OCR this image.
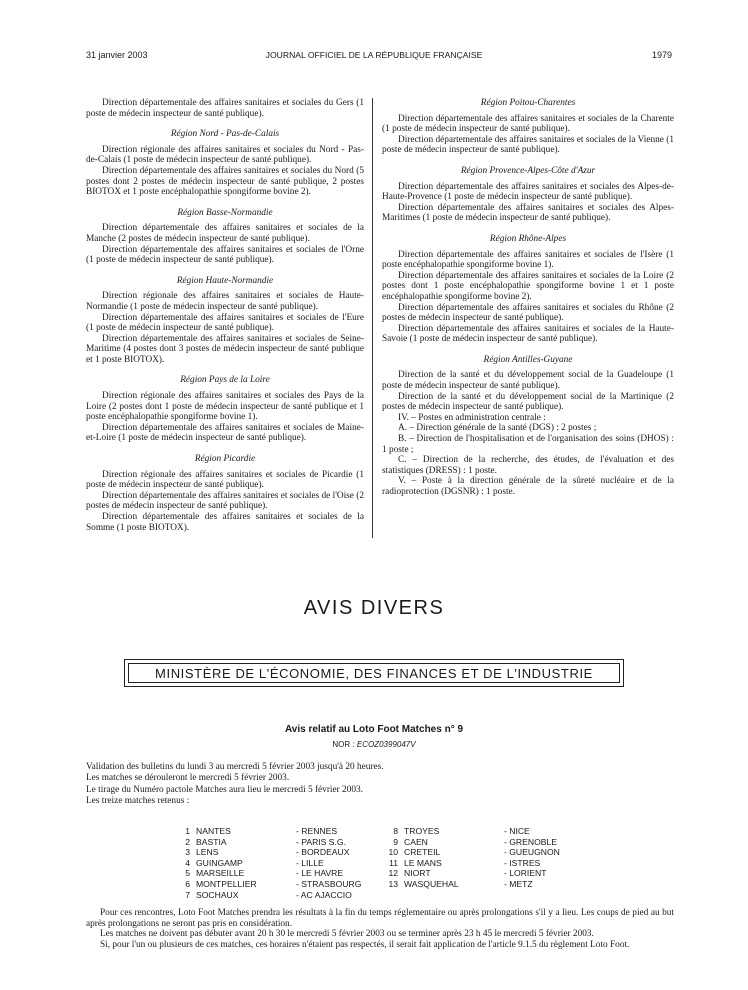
31 janvier 2003	JOURNAL OFFICIEL DE LA RÉPUBLIQUE FRANÇAISE	1979

Direction départementale des affaires sanitaires et sociales du Gers (1 poste de médecin inspecteur de santé publique).

Région Nord - Pas-de-Calais

Direction régionale des affaires sanitaires et sociales du Nord - Pas-de-Calais (1 poste de médecin inspecteur de santé publique).

Direction départementale des affaires sanitaires et sociales du Nord (5 postes dont 2 postes de médecin inspecteur de santé publique, 2 postes BIOTOX et 1 poste encéphalopathie spongiforme bovine 2).

Région Basse-Normandie

Direction départementale des affaires sanitaires et sociales de la Manche (2 postes de médecin inspecteur de santé publique).

Direction départementale des affaires sanitaires et sociales de l'Orne (1 poste de médecin inspecteur de santé publique).

Région Haute-Normandie

Direction régionale des affaires sanitaires et sociales de Haute-Normandie (1 poste de médecin inspecteur de santé publique).

Direction départementale des affaires sanitaires et sociales de l'Eure (1 poste de médecin inspecteur de santé publique).

Direction départementale des affaires sanitaires et sociales de Seine-Maritime (4 postes dont 3 postes de médecin inspecteur de santé publique et 1 poste BIOTOX).

Région Pays de la Loire

Direction régionale des affaires sanitaires et sociales des Pays de la Loire (2 postes dont 1 poste de médecin inspecteur de santé publique et 1 poste encéphalopathie spongiforme bovine 1).

Direction départementale des affaires sanitaires et sociales de Maine-et-Loire (1 poste de médecin inspecteur de santé publique).

Région Picardie

Direction régionale des affaires sanitaires et sociales de Picardie (1 poste de médecin inspecteur de santé publique).

Direction départementale des affaires sanitaires et sociales de l'Oise (2 postes de médecin inspecteur de santé publique).

Direction départementale des affaires sanitaires et sociales de la Somme (1 poste BIOTOX).

Région Poitou-Charentes

Direction départementale des affaires sanitaires et sociales de la Charente (1 poste de médecin inspecteur de santé publique).

Direction départementale des affaires sanitaires et sociales de la Vienne (1 poste de médecin inspecteur de santé publique).

Région Provence-Alpes-Côte d'Azur

Direction départementale des affaires sanitaires et sociales des Alpes-de-Haute-Provence (1 poste de médecin inspecteur de santé publique).

Direction départementale des affaires sanitaires et sociales des Alpes-Maritimes (1 poste de médecin inspecteur de santé publique).

Région Rhône-Alpes

Direction départementale des affaires sanitaires et sociales de l'Isère (1 poste encéphalopathie spongiforme bovine 1).

Direction départementale des affaires sanitaires et sociales de la Loire (2 postes dont 1 poste encéphalopathie spongiforme bovine 1 et 1 poste encéphalopathie spongiforme bovine 2).

Direction départementale des affaires sanitaires et sociales du Rhône (2 postes de médecin inspecteur de santé publique).

Direction départementale des affaires sanitaires et sociales de la Haute-Savoie (1 poste de médecin inspecteur de santé publique).

Région Antilles-Guyane

Direction de la santé et du développement social de la Guadeloupe (1 poste de médecin inspecteur de santé publique).

Direction de la santé et du développement social de la Martinique (2 postes de médecin inspecteur de santé publique).

IV. – Postes en administration centrale :

A. – Direction générale de la santé (DGS) : 2 postes ;

B. – Direction de l'hospitalisation et de l'organisation des soins (DHOS) : 1 poste ;

C. – Direction de la recherche, des études, de l'évaluation et des statistiques (DRESS) : 1 poste.

V. – Poste à la direction générale de la sûreté nucléaire et de la radioprotection (DGSNR) : 1 poste.

AVIS DIVERS
MINISTÈRE DE L'ÉCONOMIE, DES FINANCES ET DE L'INDUSTRIE
Avis relatif au Loto Foot Matches n° 9
NOR : ECOZ0399047V

Validation des bulletins du lundi 3 au mercredi 5 février 2003 jusqu'à 20 heures.

Les matches se dérouleront le mercredi 5 février 2003.

Le tirage du Numéro pactole Matches aura lieu le mercredi 5 février 2003.

Les treize matches retenus :

1 NANTES	- RENNES
2 BASTIA	- PARIS S.G.
3 LENS	- BORDEAUX
4 GUINGAMP	- LILLE
5 MARSEILLE	- LE HAVRE
6 MONTPELLIER	- STRASBOURG
7 SOCHAUX	- AC AJACCIO
8 TROYES	- NICE
9 CAEN	- GRENOBLE
10 CRETEIL	- GUEUGNON
11 LE MANS	- ISTRES
12 NIORT	- LORIENT
13 WASQUEHAL	- METZ

Pour ces rencontres, Loto Foot Matches prendra les résultats à la fin du temps réglementaire ou après prolongations s'il y a lieu. Les coups de pied au but après prolongations ne seront pas pris en considération.

Les matches ne doivent pas débuter avant 20 h 30 le mercredi 5 février 2003 ou se terminer après 23 h 45 le mercredi 5 février 2003.

Si, pour l'un ou plusieurs de ces matches, ces horaires n'étaient pas respectés, il serait fait application de l'article 9.1.5 du règlement Loto Foot.
